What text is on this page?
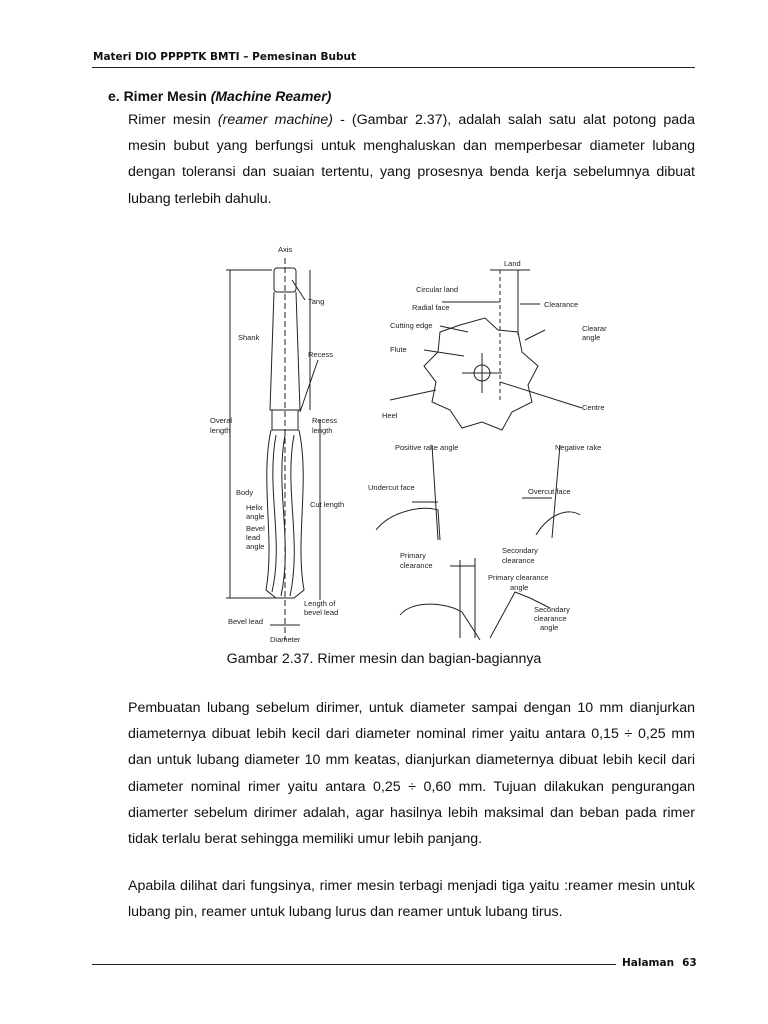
Materi DIO PPPPTK BMTI – Pemesinan Bubut
e. Rimer Mesin (Machine Reamer)
Rimer mesin (reamer machine) - (Gambar 2.37), adalah salah satu alat potong pada mesin bubut yang berfungsi untuk menghaluskan dan memperbesar diameter lubang dengan toleransi dan suaian tertentu, yang prosesnya benda kerja sebelumnya dibuat lubang terlebih dahulu.
Axis
Tang
Shank
Recess
Overal
length
Recess
length
Body
Helix
angle
Bevel
lead
angle
Cut length
Length of
bevel lead
Bevel lead
Diameter
Land
Circular land
Radial face	Clearance
Cutting edge	Clearar
angle
Flute
Heel
Centre
Positive rake angle	Negative rake
Undercut face	Overcut face
Primary
clearance
Secondary
clearance
Primary clearance
angle
Secondary
clearance
angle
Gambar 2.37. Rimer mesin dan bagian-bagiannya
Pembuatan lubang sebelum dirimer, untuk diameter sampai dengan 10 mm dianjurkan diameternya dibuat lebih kecil dari diameter nominal rimer yaitu antara 0,15 ÷ 0,25 mm dan untuk lubang diameter 10 mm keatas, dianjurkan diameternya dibuat lebih kecil dari diameter nominal rimer yaitu antara 0,25 ÷ 0,60 mm. Tujuan dilakukan pengurangan diamerter sebelum dirimer adalah, agar hasilnya lebih maksimal dan beban pada rimer tidak terlalu berat sehingga memiliki umur lebih panjang.
Apabila dilihat dari fungsinya, rimer mesin terbagi menjadi tiga yaitu :reamer mesin untuk lubang pin, reamer untuk lubang lurus dan reamer untuk lubang tirus.
Halaman 63
